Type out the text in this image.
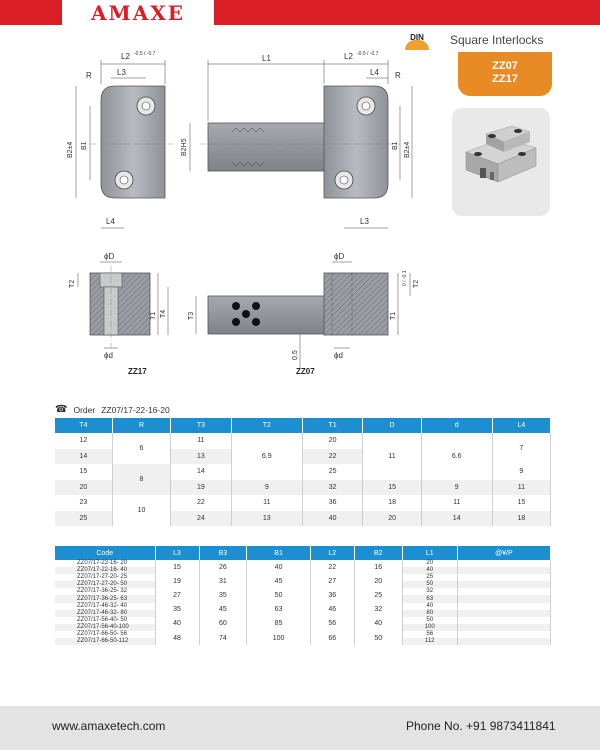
AMAXE
DIN	Square Interlocks
ZZ07
ZZ17
L2 -0.5 / -0.7
L3
R
L1	L2 -0.5 / -0.7
L4 R
B2±4 B1	B2H5	B1 B2±4
L4	L3
ϕD
ϕd
T2
T1 T4	T3
ϕD
ϕd
T1
0 / -0.1 T2
0.5
ZZ17	ZZ07
☎ Order ZZ07/17-22-16-20
T4	R	T3	T2	T1	D	d	L4
12	6	11	6.9	20	11	6.6	7
14		13		22			
15	8	14		25			9
20		19	9	32	15	9	11
23	10	22	11	36	18	11	15
25		24	13	40	20	14	18
Code	L3	B3	B1	L2	B2	L1	@¥/P
ZZ07/17-22-16- 20	15	26	40	22	16	20	
ZZ07/17-22-16- 40						40	
ZZ07/17-27-20- 25	19	31	45	27	20	25	
ZZ07/17-27-20- 50						50	
ZZ07/17-36-25- 32	27	35	50	36	25	32	
ZZ07/17-36-25- 63						63	
ZZ07/17-46-32- 40	35	45	63	46	32	40	
ZZ07/17-46-32- 80						80	
ZZ07/17-56-40- 50	40	60	85	56	40	50	
ZZ07/17-56-40-100						100	
ZZ07/17-66-50- 56	48	74	100	66	50	56	
ZZ07/17-66-50-112						112	
www.amaxetech.com	Phone No. +91 9873411841
